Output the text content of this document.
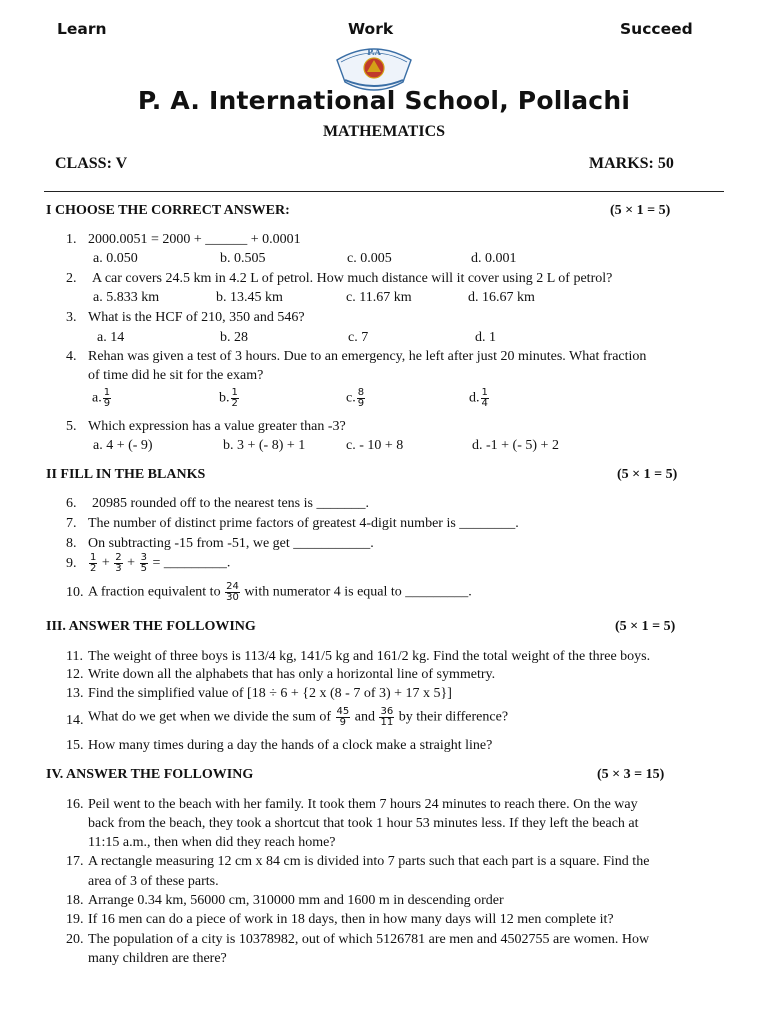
Learn	Work	Succeed
P.A
P. A. International School, Pollachi
MATHEMATICS
CLASS: V	MARKS: 50
I CHOOSE THE CORRECT ANSWER:	(5 × 1 = 5)
1. 2000.0051 = 2000 + ______ + 0.0001
a. 0.050	b. 0.505	c. 0.005	d. 0.001
2. A car covers 24.5 km in 4.2 L of petrol. How much distance will it cover using 2 L of petrol?
a. 5.833 km	b. 13.45 km	c. 11.67 km	d. 16.67 km
3. What is the HCF of 210, 350 and 546?
a. 14	b. 28	c. 7	d. 1
4. Rehan was given a test of 3 hours. Due to an emergency, he left after just 20 minutes. What fraction
of time did he sit for the exam?
a. $\frac{1}{9}$	b. $\frac{1}{2}$	c. $\frac{8}{9}$	d. $\frac{1}{4}$
5. Which expression has a value greater than -3?
a. 4 + (- 9)	b. 3 + (- 8) + 1	c. - 10 + 8	d. -1 + (- 5) + 2
II FILL IN THE BLANKS	(5 × 1 = 5)
6. 20985 rounded off to the nearest tens is _______.
7. The number of distinct prime factors of greatest 4-digit number is ________.
8. On subtracting -15 from -51, we get ___________.
9. $\frac{1}{2} + \frac{2}{3} + \frac{3}{5}$ = _________.
10. A fraction equivalent to $\frac{24}{30}$ with numerator 4 is equal to _________.
III. ANSWER THE FOLLOWING	(5 × 1 = 5)
11. The weight of three boys is 113/4 kg, 141/5 kg and 161/2 kg. Find the total weight of the three boys.
12. Write down all the alphabets that has only a horizontal line of symmetry.
13. Find the simplified value of [18 ÷ 6 + {2 x (8 - 7 of 3) + 17 x 5}]
14. What do we get when we divide the sum of $\frac{45}{9}$ and $\frac{36}{11}$ by their difference?
15. How many times during a day the hands of a clock make a straight line?
IV. ANSWER THE FOLLOWING	(5 × 3 = 15)
16. Peil went to the beach with her family. It took them 7 hours 24 minutes to reach there. On the way
back from the beach, they took a shortcut that took 1 hour 53 minutes less. If they left the beach at
11:15 a.m., then when did they reach home?
17. A rectangle measuring 12 cm x 84 cm is divided into 7 parts such that each part is a square. Find the
area of 3 of these parts.
18. Arrange 0.34 km, 56000 cm, 310000 mm and 1600 m in descending order
19. If 16 men can do a piece of work in 18 days, then in how many days will 12 men complete it?
20. The population of a city is 10378982, out of which 5126781 are men and 4502755 are women. How
many children are there?
